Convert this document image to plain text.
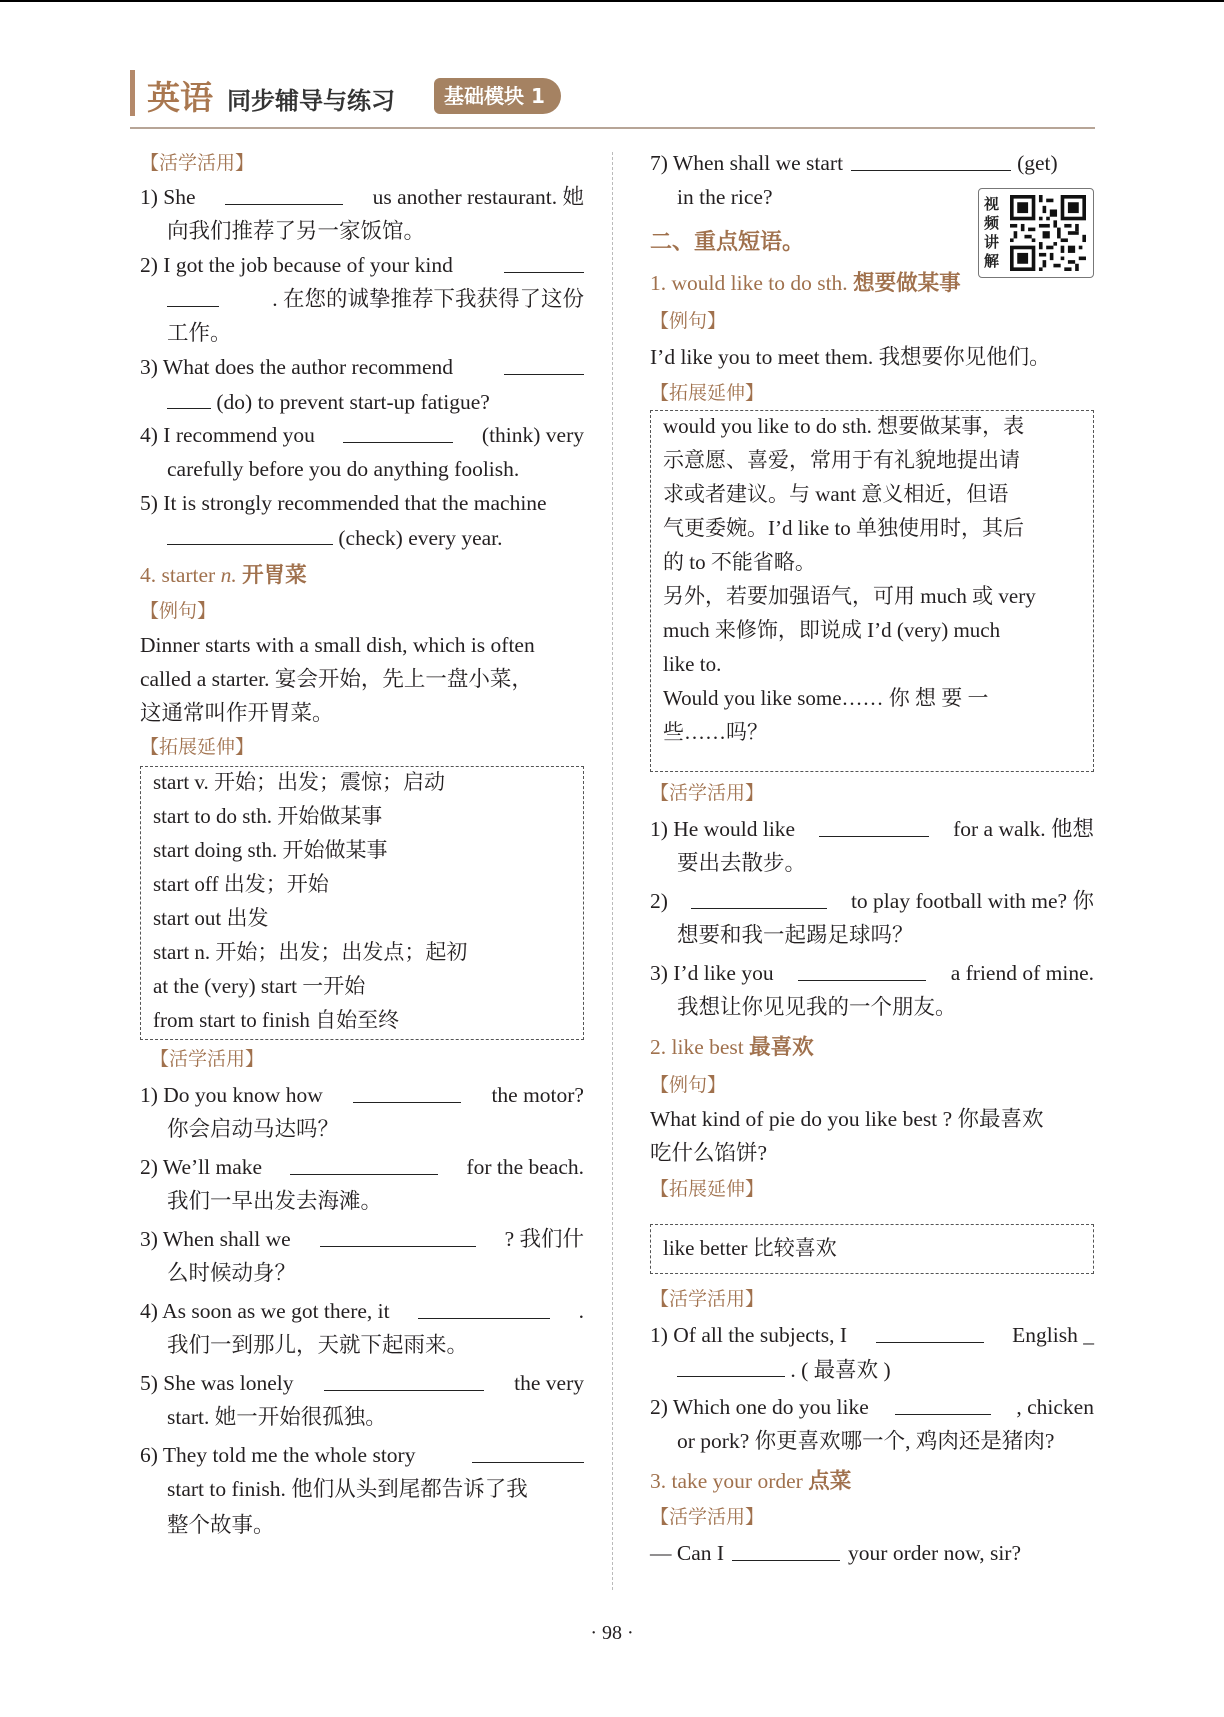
英语 同步辅导与练习	基础模块 1
【活学活用】
1) She	us another restaurant. 她
向我们推荐了另一家饭馆。
2) I got the job because of your kind
. 在您的诚挚推荐下我获得了这份
工作。
3) What does the author recommend
(do) to prevent start-up fatigue?
4) I recommend you	(think) very
carefully before you do anything foolish.
5) It is strongly recommended that the machine
(check) every year.
4. starter n. 开胃菜
【例句】
Dinner starts with a small dish, which is often
called a starter. 宴会开始，先上一盘小菜，
这通常叫作开胃菜。
【拓展延伸】
start v. 开始；出发；震惊；启动
start to do sth. 开始做某事
start doing sth. 开始做某事
start off 出发；开始
start out 出发
start n. 开始；出发；出发点；起初
at the (very) start 一开始
from start to finish 自始至终
【活学活用】
1) Do you know how	the motor?
你会启动马达吗？
2) We’ll make	for the beach.
我们一早出发去海滩。
3) When shall we	? 我们什
么时候动身？
4) As soon as we got there, it	.
我们一到那儿，天就下起雨来。
5) She was lonely	the very
start. 她一开始很孤独。
6) They told me the whole story
start to finish. 他们从头到尾都告诉了我
整个故事。
7) When shall we start	(get)
in the rice?
二、重点短语。
1. would like to do sth. 想要做某事
【例句】
I’d like you to meet them. 我想要你见他们。
【拓展延伸】
would you like to do sth. 想要做某事，表
示意愿、喜爱，常用于有礼貌地提出请
求或者建议。与 want 意义相近，但语
气更委婉。I’d like to 单独使用时，其后
的 to 不能省略。
另外，若要加强语气，可用 much 或 very
much 来修饰，即说成 I’d (very) much
like to.
Would you like some…… 你 想 要 一
些……吗？
【活学活用】
1) He would like	for a walk. 他想
要出去散步。
2)	to play football with me? 你
想要和我一起踢足球吗？
3) I’d like you	a friend of mine.
我想让你见见我的一个朋友。
2. like best 最喜欢
【例句】
What kind of pie do you like best ? 你最喜欢
吃什么馅饼?
【拓展延伸】
like better 比较喜欢
【活学活用】
1) Of all the subjects, I	English _
. ( 最喜欢 )
2) Which one do you like	, chicken
or pork? 你更喜欢哪一个, 鸡肉还是猪肉?
3. take your order 点菜
【活学活用】
— Can I	your order now, sir?
视频讲解
· 98 ·
